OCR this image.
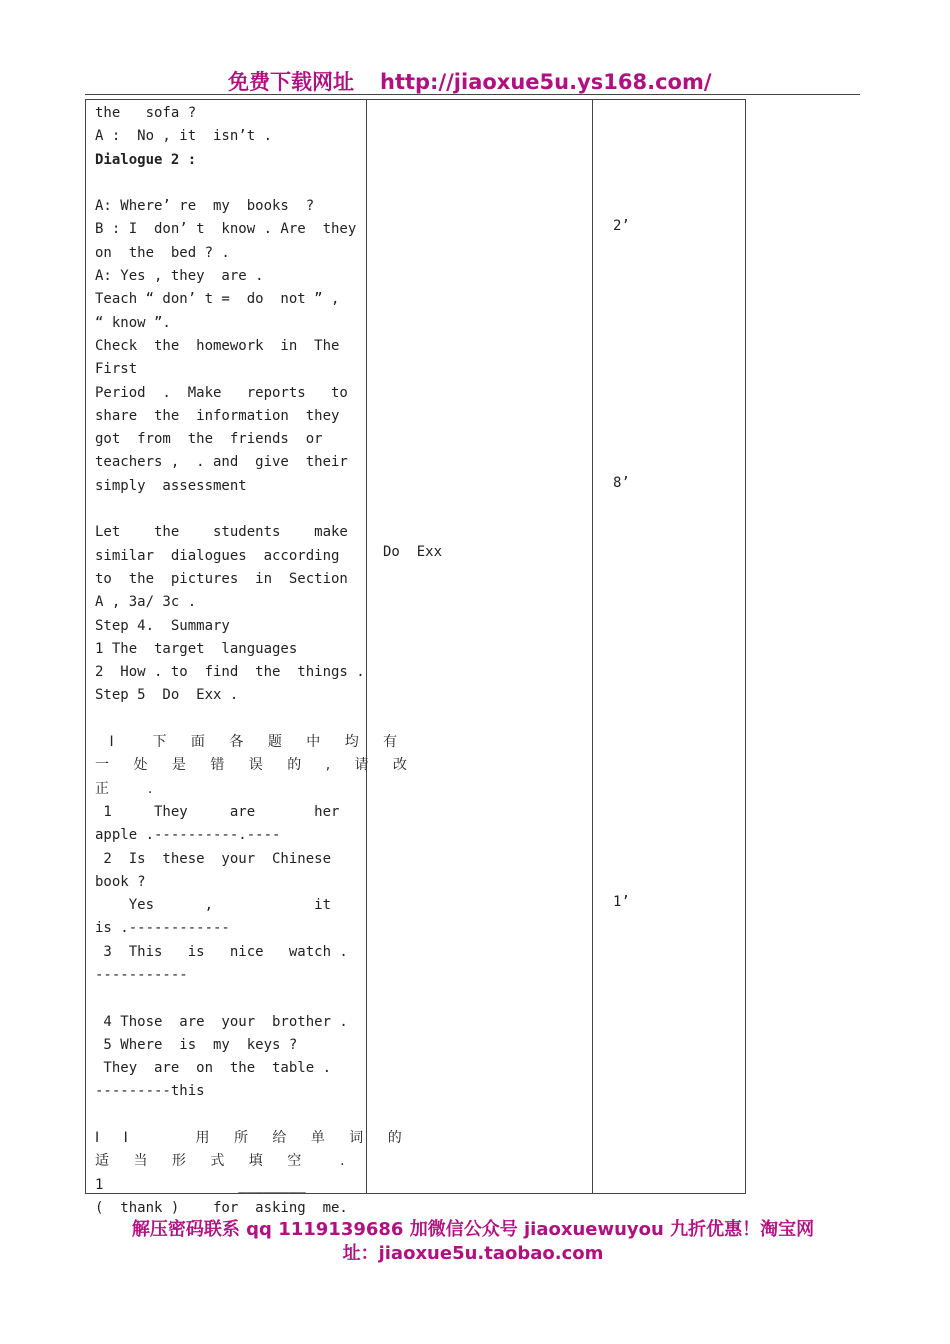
免费下载网址 http://jiaoxue5u.ys168.com/
the   sofa ?
A :  No , it  isn’t .
Dialogue 2 :
A: Where’ re  my  books  ?
B : I  don’ t  know . Are  they
on  the  bed ? .
A: Yes , they  are .
Teach “ don’ t =  do  not ” ,
“ know ”.
Check  the  homework  in  The
First
Period  .  Make   reports   to
share  the  information  they
got  from  the  friends  or
teachers ,  . and  give  their
simply  assessment
Let    the    students    make
similar  dialogues  according
to  the  pictures  in  Section
A , 3a/ 3c .
Step 4.  Summary
1 The  target  languages
2  How . to  find  the  things .
Step 5  Do  Exx .
I  下 面 各 题 中 均 有
一 处 是 错 误 的 , 请 改
正  .
1     They     are       her
apple .----------.----
2  Is  these  your  Chinese
book ?
Yes      ,            it
is .------------
3  This   is   nice   watch .
-----------
4 Those  are  your  brother .
5 Where  is  my  keys ?
They  are  on  the  table .
---------this
I I    用 所 给 单 词 的
适 当 形 式 填 空  .
1                ________
(  thank )    for  asking  me.
Do  Exx
2’
8’
1’
解压密码联系 qq 1119139686 加微信公众号 jiaoxuewuyou 九折优惠！淘宝网
址：jiaoxue5u.taobao.com
